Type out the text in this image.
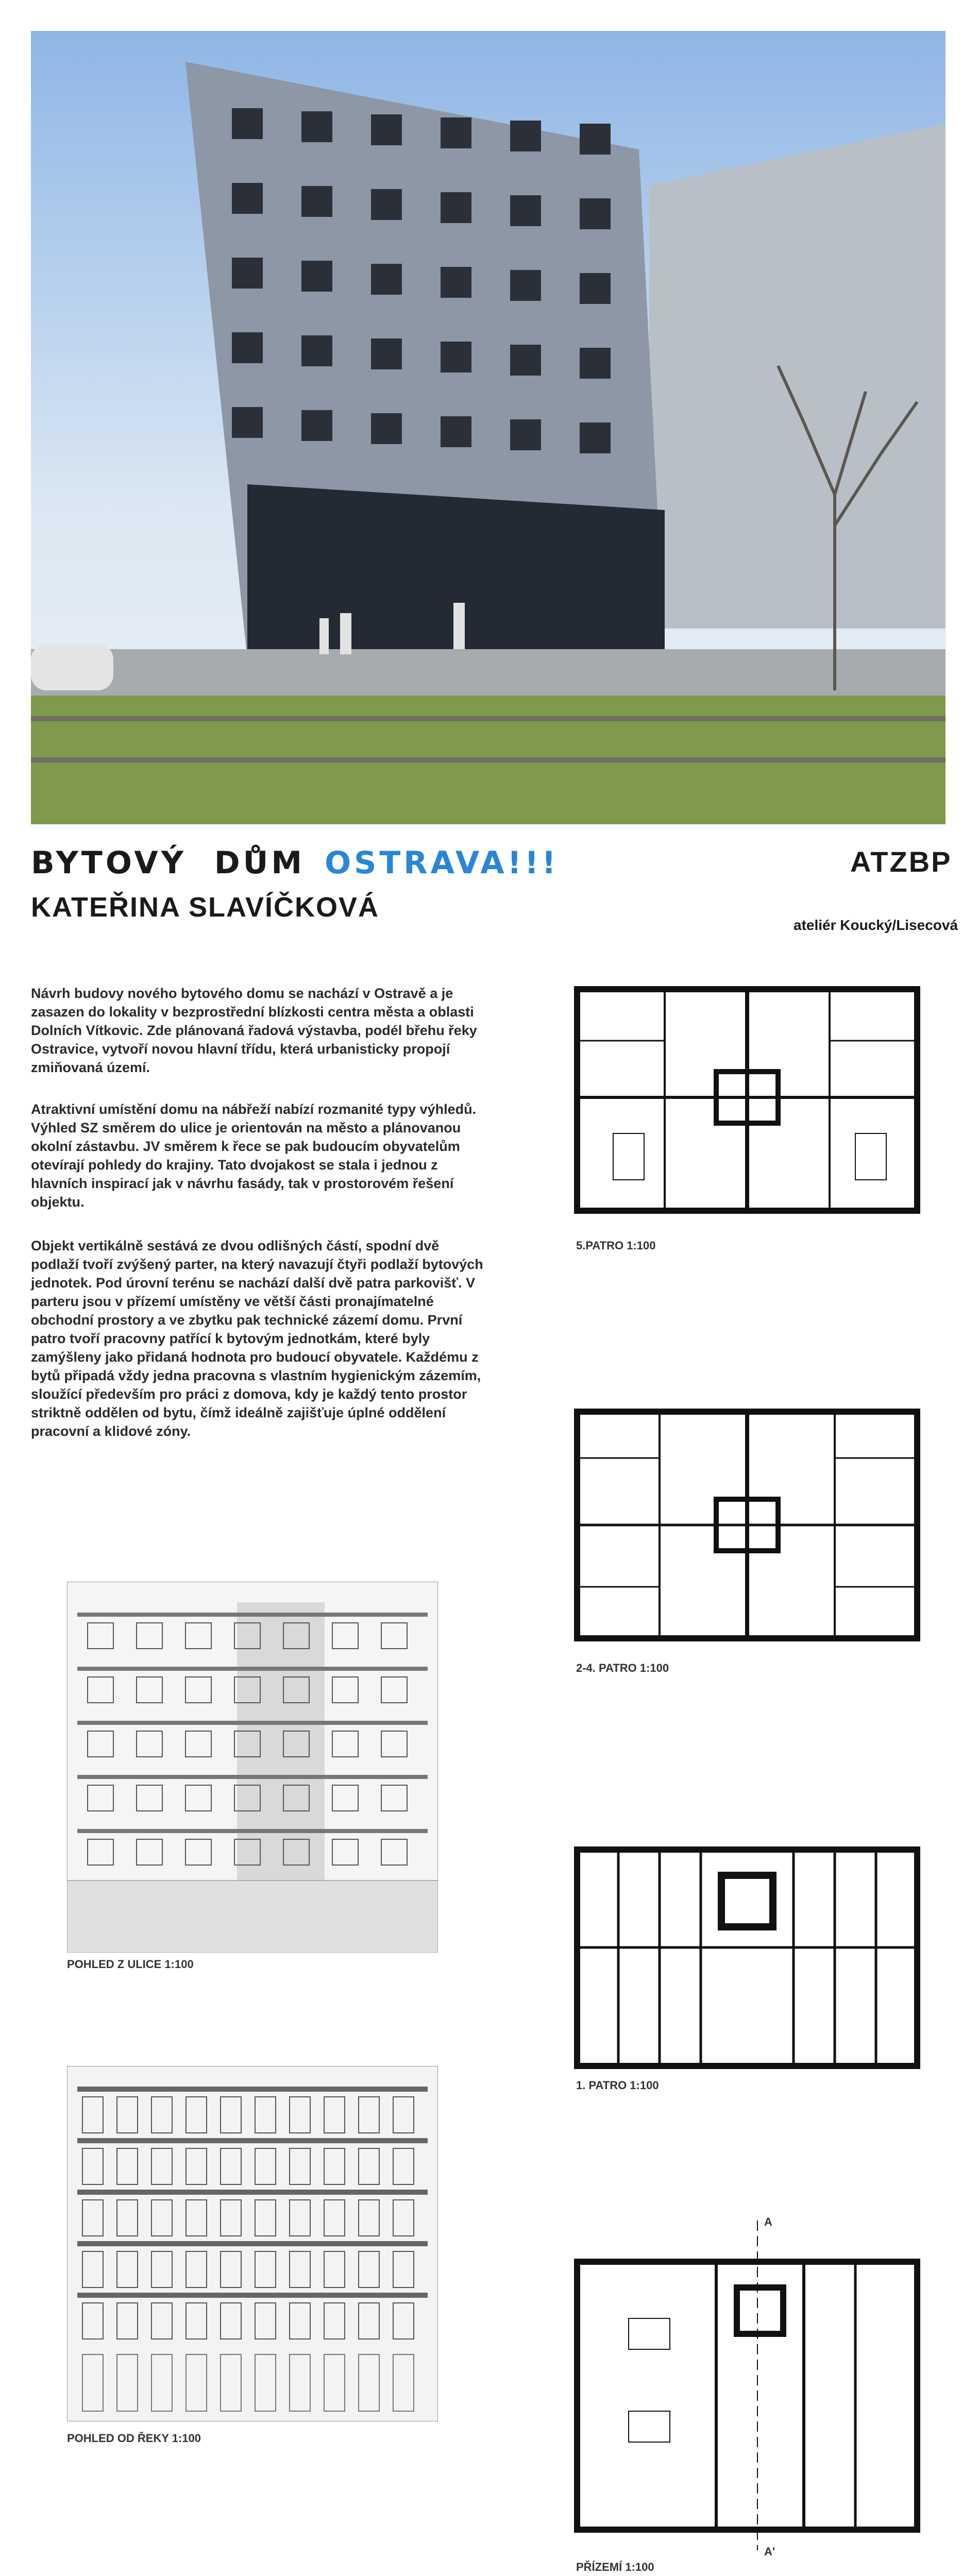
BYTOVÝ  DŮM OSTRAVA!!!
KATEŘINA SLAVÍČKOVÁ
ATZBP
ateliér Koucký/Lisecová
Návrh budovy nového bytového domu se nachází v Ostravě a je zasazen do lokality v bezprostřední blízkosti centra města a oblasti Dolních Vítkovic. Zde plánovaná řadová výstavba, podél břehu řeky Ostravice, vytvoří novou hlavní třídu, která urbanisticky propojí zmiňovaná území.
Atraktivní umístění domu na nábřeží nabízí rozmanité typy výhledů. Výhled SZ směrem do ulice je orientován na město a plánovanou okolní zástavbu. JV směrem k řece se pak budoucím obyvatelům otevírají pohledy do krajiny. Tato dvojakost se stala i jednou z hlavních inspirací jak v návrhu fasády, tak v prostorovém řešení objektu.
Objekt vertikálně sestává ze dvou odlišných částí, spodní dvě podlaží tvoří zvýšený parter, na který navazují čtyři podlaží bytových jednotek. Pod úrovní terénu se nachází další dvě patra parkovišť. V parteru jsou v přízemí umístěny ve větší části pronajímatelné obchodní prostory a ve zbytku pak technické zázemí domu. První patro tvoří pracovny patřící k bytovým jednotkám, které byly zamýšleny jako přidaná hodnota pro budoucí obyvatele. Každému z bytů připadá vždy jedna pracovna s vlastním hygienickým zázemím, sloužící především pro práci z domova, kdy je každý tento prostor striktně oddělen od bytu, čímž ideálně zajišťuje úplné oddělení pracovní a klidové zóny.
5.PATRO 1:100
2-4. PATRO 1:100
1. PATRO 1:100
A
A'
PŘÍZEMÍ 1:100
POHLED Z ULICE 1:100
POHLED OD ŘEKY 1:100
